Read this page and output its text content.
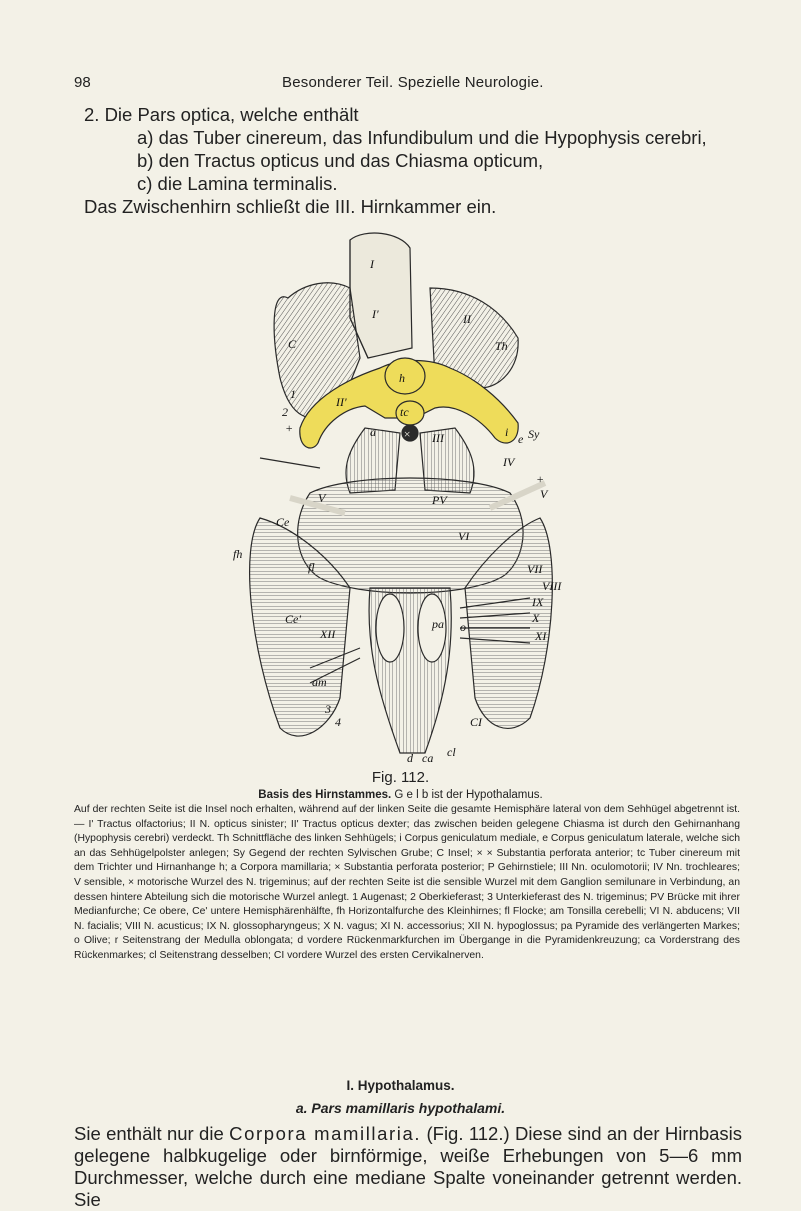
98	Besonderer Teil. Spezielle Neurologie.
2. Die Pars optica, welche enthält
a) das Tuber cinereum, das Infundibulum und die Hypophysis cerebri,
b) den Tractus opticus und das Chiasma opticum,
c) die Lamina terminalis.
Das Zwischenhirn schließt die III. Hirnkammer ein.
I
I'
C
II
II'
Th
h
tc
i e
a × III
IV
Sy
2
1
+
+
V	V
PV
Ce
VI
fh
fl	VII
VIII
IX
X
XI
Ce'
XII
pa o
am
3
4	CI
cl
d ca
Fig. 112.
Basis des Hirnstammes. G e l b ist der Hypothalamus.
Auf der rechten Seite ist die Insel noch erhalten, während auf der linken Seite die gesamte Hemisphäre lateral von dem Sehhügel abgetrennt ist. — I' Tractus olfactorius; II N. opticus sinister; II' Tractus opticus dexter; das zwischen beiden gelegene Chiasma ist durch den Gehirnanhang (Hypophysis cerebri) verdeckt. Th Schnittfläche des linken Sehhügels; i Corpus geniculatum mediale, e Corpus geniculatum laterale, welche sich an das Sehhügelpolster anlegen; Sy Gegend der rechten Sylvischen Grube; C Insel; × × Substantia perforata anterior; tc Tuber cinereum mit dem Trichter und Hirnanhange h; a Corpora mamillaria; × Substantia perforata posterior; P Gehirnstiele; III Nn. oculomotorii; IV Nn. trochleares; V sensible, × motorische Wurzel des N. trigeminus; auf der rechten Seite ist die sensible Wurzel mit dem Ganglion semilunare in Verbindung, an dessen hintere Abteilung sich die motorische Wurzel anlegt. 1 Augenast; 2 Oberkieferast; 3 Unterkieferast des N. trigeminus; PV Brücke mit ihrer Medianfurche; Ce obere, Ce' untere Hemisphärenhälfte, fh Horizontalfurche des Kleinhirnes; fl Flocke; am Tonsilla cerebelli; VI N. abducens; VII N. facialis; VIII N. acusticus; IX N. glossopharyngeus; X N. vagus; XI N. accessorius; XII N. hypoglossus; pa Pyramide des verlängerten Markes; o Olive; r Seitenstrang der Medulla oblongata; d vordere Rückenmarkfurchen im Übergange in die Pyramidenkreuzung; ca Vorderstrang des Rückenmarkes; cl Seitenstrang desselben; CI vordere Wurzel des ersten Cervikalnerven.
I. Hypothalamus.
a. Pars mamillaris hypothalami.
Sie enthält nur die Corpora mamillaria. (Fig. 112.) Diese sind an der Hirnbasis gelegene halbkugelige oder birnförmige, weiße Erhebungen von 5—6 mm Durchmesser, welche durch eine mediane Spalte voneinander getrennt werden. Sie
